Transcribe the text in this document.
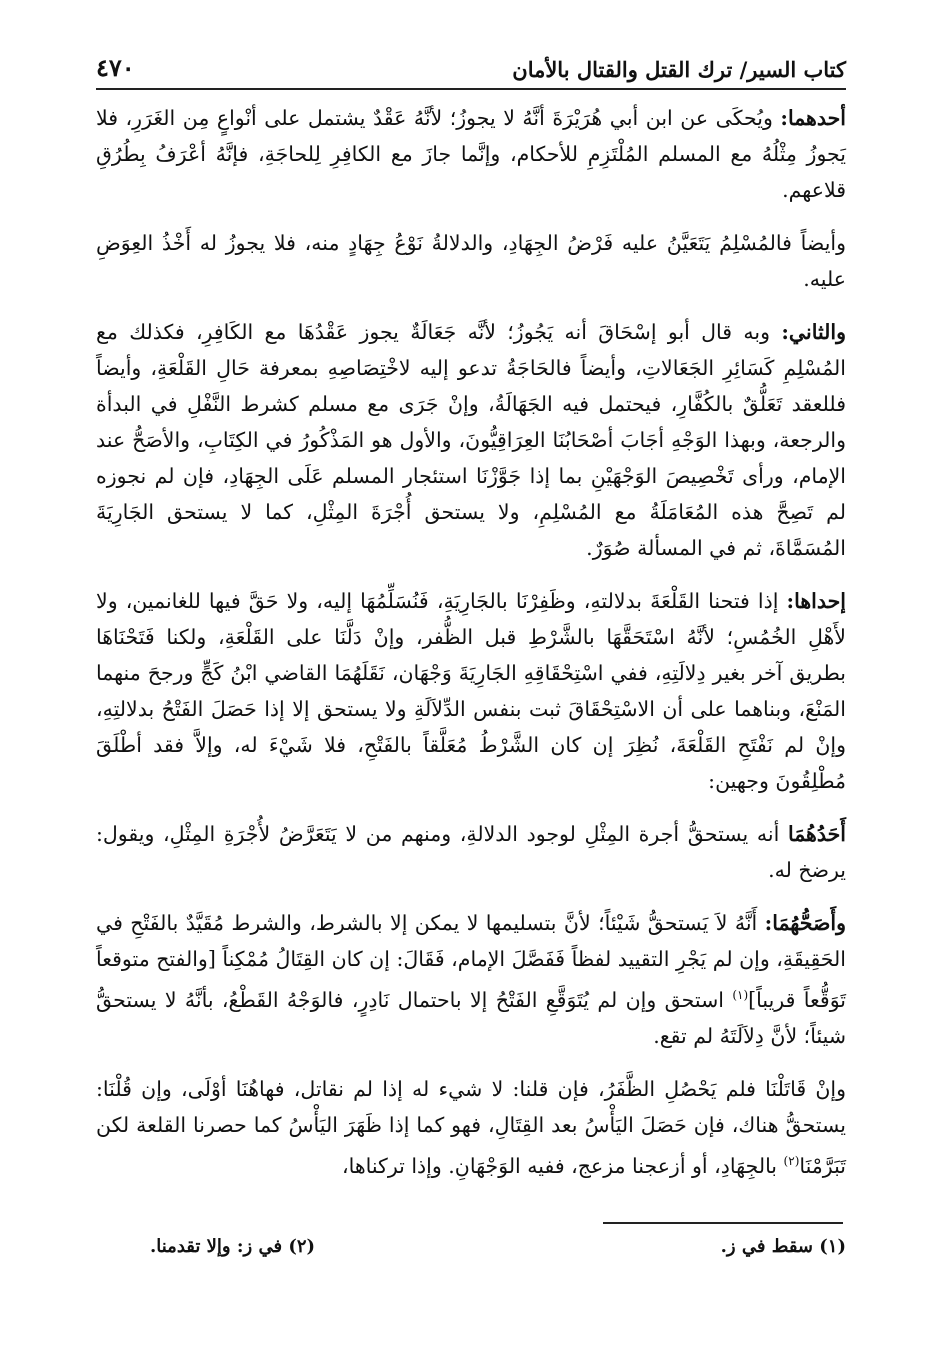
٤٧٠	كتاب السير/ ترك القتل والقتال بالأمان

أحدهما: ويُحكَى عن ابن أبي هُرَيْرَةَ أنَّهُ لا يجوزُ؛ لأنَّهُ عَقْدٌ يشتمل على أنْواعٍ مِن الغَرَرِ، فلا يَجوزُ مِثْلُهُ مع المسلم المُلْتَزِمِ للأحكام، وإنَّما جازَ مع الكافِرِ لِلحاجَةِ، فإنَّهُ أعْرَفُ بِطُرُقِ قلاعهم.

وأيضاً فالمُسْلِمُ يَتَعَيَّنُ عليه فَرْضُ الجِهَادِ، والدلالةُ نَوْعُ جِهَادٍ منه، فلا يجوزُ له أَخْذُ العِوَضِ عليه.

والثاني: وبه قال أبو إسْحَاقَ أنه يَجُوزُ؛ لأنَّه جَعَالَةٌ يجوز عَقْدُهَا مع الكَافِرِ، فكذلك مع المُسْلِمِ كَسَائِرِ الجَعَالاتِ، وأيضاً فالحَاجَةُ تدعو إليه لاخْتِصَاصِهِ بمعرفة حَالِ القَلْعَةِ، وأيضاً فللعقد تَعَلُّقٌ بالكُفَّارِ، فيحتمل فيه الجَهَالَةُ، وإنْ جَرَى مع مسلم كشرط النَّفْلِ في البدأة والرجعة، وبهذا الوَجْهِ أجَابَ أصْحَابُنَا العِرَاقِيُّونَ، والأول هو المَذْكُورُ في الكِتَابِ، والأصَحُّ عند الإمام، ورأى تَخْصِيصَ الوَجْهَيْنِ بما إذا جَوَّزْنَا استئجار المسلم عَلَى الجِهَادِ، فإن لم نجوزه لم تَصِحَّ هذه المُعَامَلَةُ مع المُسْلِمِ، ولا يستحق أُجْرَةَ المِثْلِ، كما لا يستحق الجَارِيَةَ المُسَمَّاةَ، ثم في المسألة صُوَرٌ.

إحداها: إذا فتحنا القَلْعَةَ بدلالتهِ، وظَفِرْنَا بالجَارِيَةِ، فَنُسَلِّمُهَا إليه، ولا حَقَّ فيها للغانمين، ولا لأَهْلِ الخُمُسِ؛ لأنَّهُ اسْتَحَقَّهَا بالشَّرْطِ قبل الظُّفر، وإنْ دَلَّنَا على القَلْعَةِ، ولكنا فَتَحْنَاهَا بطريق آخر بغير دِلالَتِهِ، ففي اسْتِحْقَاقِهِ الجَارِيَةَ وَجْهَان، نَقَلَهُمَا القاضي ابْنُ كَجٍّ ورجحَ منهما المَنْعَ، وبناهما على أن الاسْتِحْقَاقَ ثبت بنفس الدِّلاَلَةِ ولا يستحق إلا إذا حَصَلَ الفَتْحُ بدلالتِهِ، وإنْ لم نَفْتَحِ القَلْعَةَ، نُظِرَ إن كان الشَّرْطُ مُعَلَّقاً بالفَتْحِ، فلا شَيْءَ له، وإلاَّ فقد أطْلَقَ مُطْلِقُونَ وجهين:

أَحَدُهُمَا أنه يستحقُّ أجرة المِثْلِ لوجود الدلالةِ، ومنهم من لا يَتَعَرَّضُ لأُجْرَةِ المِثْلِ، ويقول: يرضخ له.

وأَصَحُّهُمَا: أَنَّهُ لاَ يَستحقُّ شَيْئاً؛ لأنَّ بتسليمها لا يمكن إلا بالشرط، والشرط مُقَيَّدٌ بالفَتْحِ في الحَقِيقَةِ، وإن لم يَجْرِ التقييد لفظاً فَفَصَّلَ الإمام، فَقَالَ: إن كان القِتَالُ مُمْكِناً [والفتح متوقعاً تَوَقُّعاً قريباً]$^{(١)}$ استحق وإن لم يُتَوَقَّعِ الفَتْحُ إلا باحتمال نَادِرٍ، فالوَجْهُ القَطْعُ، بأنَّهُ لا يستحقُّ شيئاً؛ لأنَّ دِلاَلَتَهُ لم تقع.

وإنْ قَاتَلْنَا فلم يَحْصُلِ الظَّفَرُ، فإن قلنا: لا شيء له إذا لم نقاتل، فهاهُنَا أوْلَى، وإن قُلْنَا: يستحقُّ هناك، فإن حَصَلَ اليَأْسُ بعد القِتَالِ، فهو كما إذا ظَهَرَ اليَأْسُ كما حصرنا القلعة لكن تَبَرَّمْنَا$^{(٢)}$ بالجِهَادِ، أو أزعجنا مزعج، ففيه الوَجْهَانِ. وإذا تركناها،

(١) سقط في ز.
(٢) في ز: وإلا تقدمنا.
